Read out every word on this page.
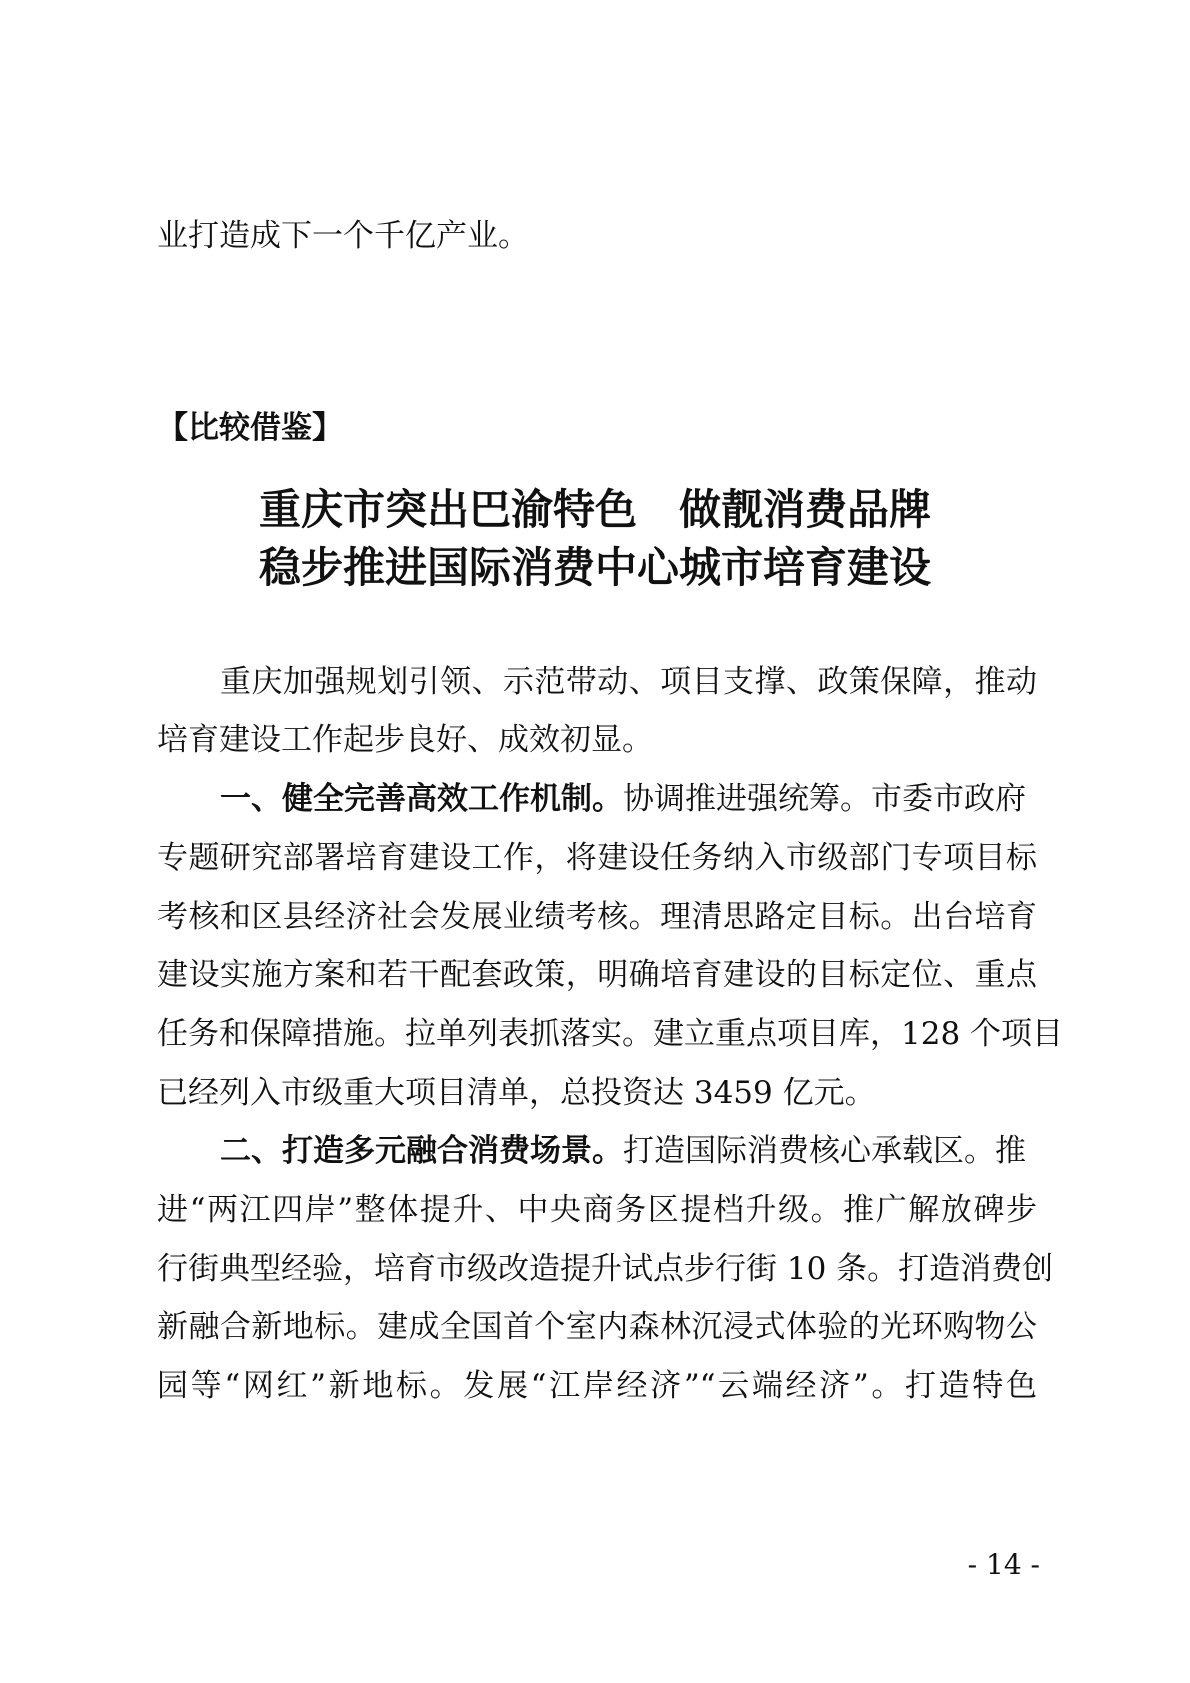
业打造成下一个千亿产业。
【比较借鉴】
重庆市突出巴渝特色　做靓消费品牌
稳步推进国际消费中心城市培育建设
重庆加强规划引领、示范带动、项目支撑、政策保障，推动
培育建设工作起步良好、成效初显。
一、健全完善高效工作机制。协调推进强统筹。市委市政府
专题研究部署培育建设工作，将建设任务纳入市级部门专项目标
考核和区县经济社会发展业绩考核。理清思路定目标。出台培育
建设实施方案和若干配套政策，明确培育建设的目标定位、重点
任务和保障措施。拉单列表抓落实。建立重点项目库，128 个项目
已经列入市级重大项目清单，总投资达 3459 亿元。
二、打造多元融合消费场景。打造国际消费核心承载区。推
进“两江四岸”整体提升、中央商务区提档升级。推广解放碑步
行街典型经验，培育市级改造提升试点步行街 10 条。打造消费创
新融合新地标。建成全国首个室内森林沉浸式体验的光环购物公
园等“网红”新地标。发展“江岸经济”“云端经济”。打造特色
- 14 -
